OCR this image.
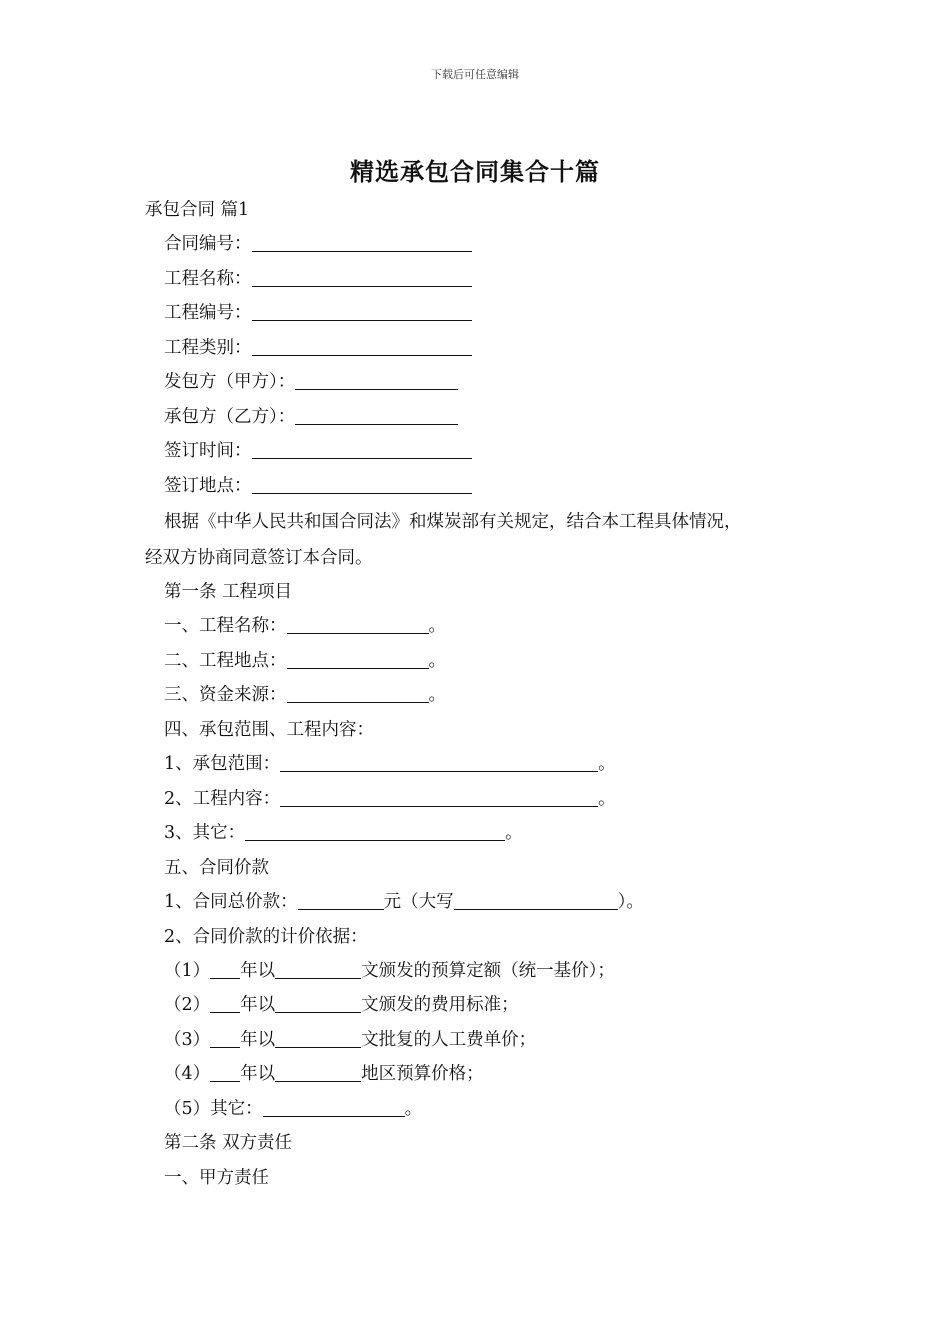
下载后可任意编辑
精选承包合同集合十篇
承包合同 篇1
合同编号：
工程名称：
工程编号：
工程类别：
发包方（甲方）：
承包方（乙方）：
签订时间：
签订地点：
根据《中华人民共和国合同法》和煤炭部有关规定，结合本工程具体情况，
经双方协商同意签订本合同。
第一条 工程项目
一、工程名称：	。
二、工程地点：	。
三、资金来源：	。
四、承包范围、工程内容：
1、承包范围：	。
2、工程内容：	。
3、其它：	。
五、合同价款
1、合同总价款：	元（大写	）。
2、合同价款的计价依据：
（1） 年以	文颁发的预算定额（统一基价）；
（2） 年以	文颁发的费用标准；
（3） 年以	文批复的人工费单价；
（4） 年以	地区预算价格；
（5）其它：	。
第二条 双方责任
一、甲方责任
